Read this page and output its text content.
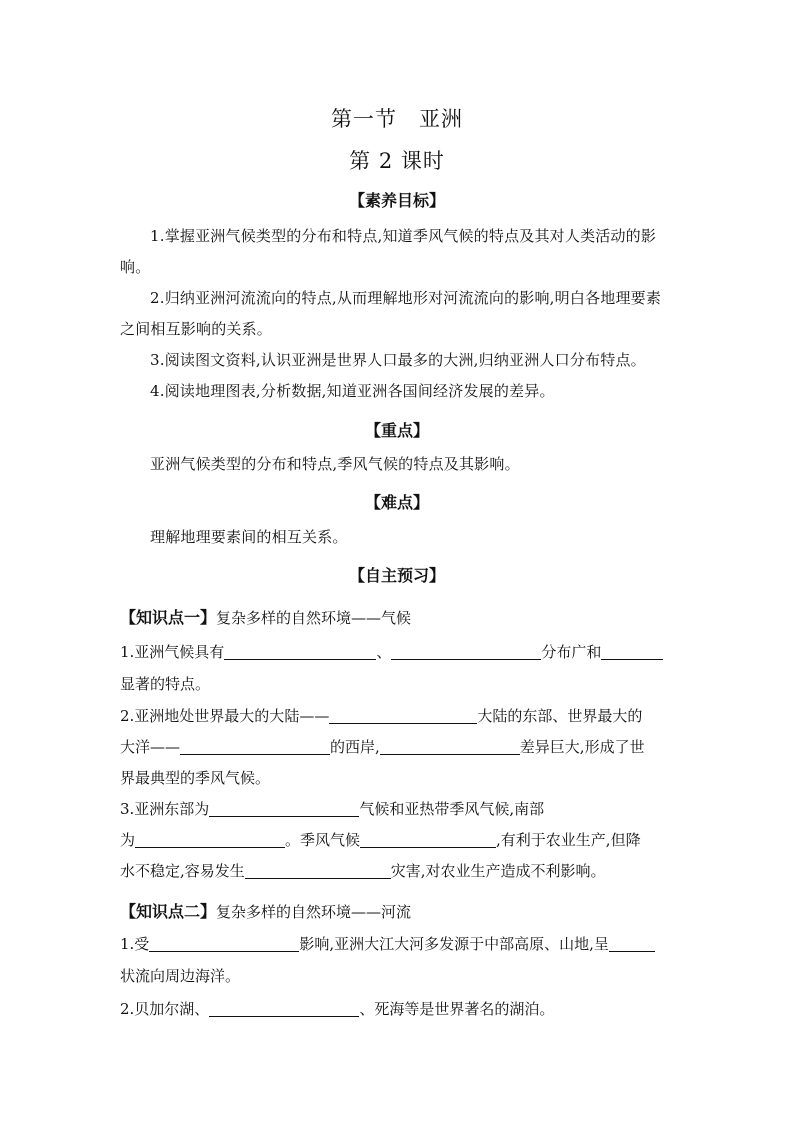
第一节　亚洲
第 2 课时
【素养目标】
1.掌握亚洲气候类型的分布和特点,知道季风气候的特点及其对人类活动的影响。
2.归纳亚洲河流流向的特点,从而理解地形对河流流向的影响,明白各地理要素之间相互影响的关系。
3.阅读图文资料,认识亚洲是世界人口最多的大洲,归纳亚洲人口分布特点。
4.阅读地理图表,分析数据,知道亚洲各国间经济发展的差异。
【重点】
亚洲气候类型的分布和特点,季风气候的特点及其影响。
【难点】
理解地理要素间的相互关系。
【自主预习】
【知识点一】复杂多样的自然环境——气候
1.亚洲气候具有	、	分布广和
显著的特点。
2.亚洲地处世界最大的大陆——	大陆的东部、世界最大的
大洋——	的西岸,	差异巨大,形成了世
界最典型的季风气候。
3.亚洲东部为	气候和亚热带季风气候,南部
为	。季风气候	,有利于农业生产,但降
水不稳定,容易发生	灾害,对农业生产造成不利影响。
【知识点二】复杂多样的自然环境——河流
1.受	影响,亚洲大江大河多发源于中部高原、山地,呈
状流向周边海洋。
2.贝加尔湖、	、死海等是世界著名的湖泊。
